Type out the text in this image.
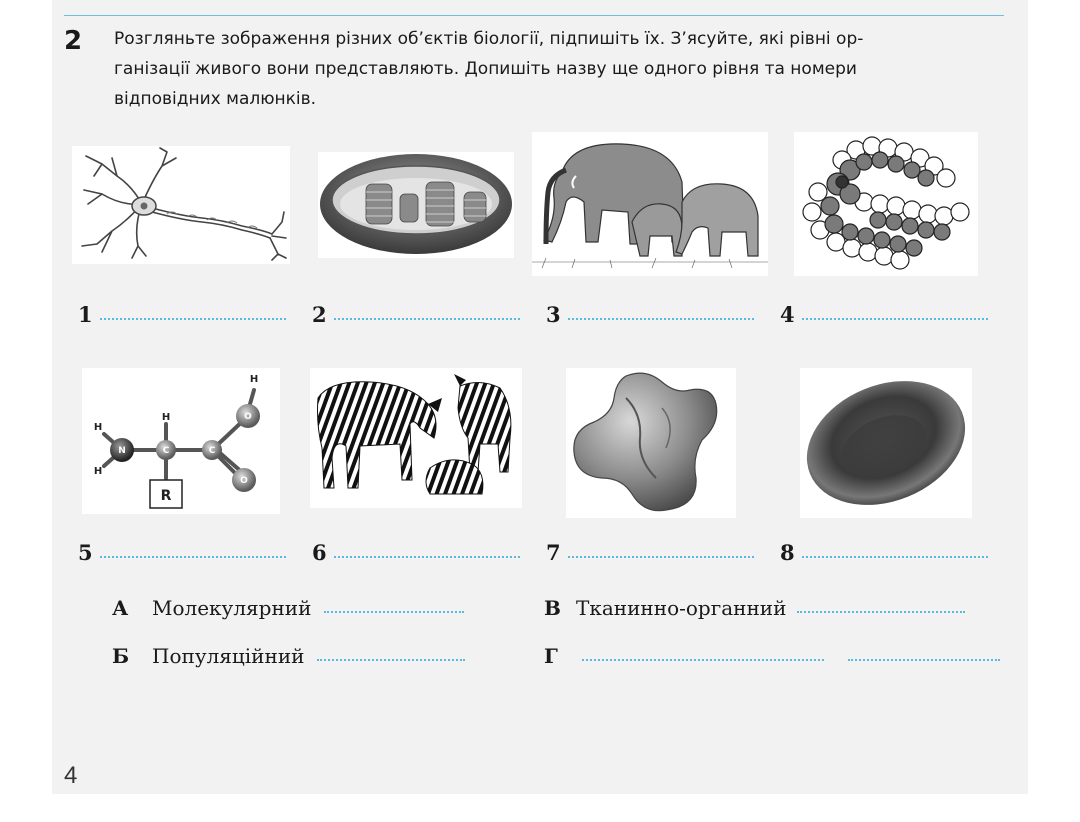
2 Розгляньте зображення різних об’єктів біології, підпишіть їх. З’ясуйте, які рівні ор-
ганізації живого вони представляють. Допишіть назву ще одного рівня та номери
відповідних малюнків.
N	C	C
O
O
H
H
H
H
R
1	2	3	4
5	6	7	8
А Молекулярний
Б Популяційний
В Тканинно-органний
Г
4
